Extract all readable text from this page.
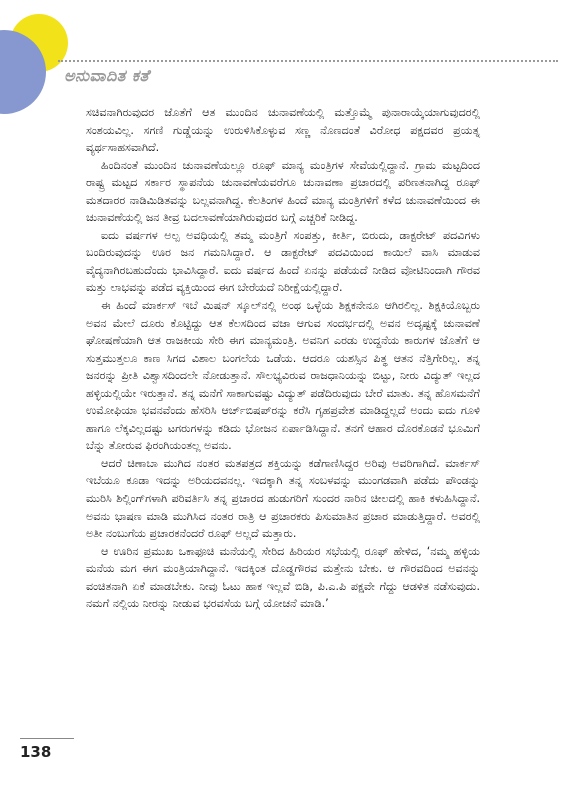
ಅನುವಾದಿತ ಕತೆ

ಸಚಿವನಾಗಿರುವುದರ ಜೊತೆಗೆ ಆತ ಮುಂದಿನ ಚುನಾವಣೆಯಲ್ಲಿ ಮತ್ತೊಮ್ಮೆ ಪುನಾರಾಯ್ಕೆಯಾಗುವುದರಲ್ಲಿ ಸಂಶಯವಿಲ್ಲ. ಸಗಣಿ ಗುಡ್ಡೆಯನ್ನು ಉರುಳಿಸಿಕೊಳ್ಳುವ ಸಣ್ಣ ನೊಣದಂತೆ ವಿರೋಧ ಪಕ್ಷದವರ ಪ್ರಯತ್ನ ವ್ಯರ್ಥಸಾಹಸವಾಗಿದೆ.

ಹಿಂದಿನಂತೆ ಮುಂದಿನ ಚುನಾವಣೆಯಲ್ಲೂ ರೂಫ್ ಮಾನ್ಯ ಮಂತ್ರಿಗಳ ಸೇವೆಯಲ್ಲಿದ್ದಾನೆ. ಗ್ರಾಮ ಮಟ್ಟದಿಂದ ರಾಷ್ಟ್ರ ಮಟ್ಟದ ಸರ್ಕಾರ ಸ್ಥಾಪನೆಯ ಚುನಾವಣೆಯವರೆಗೂ ಚುನಾವಣಾ ಪ್ರಚಾರದಲ್ಲಿ ಪರಿಣತನಾಗಿದ್ದ ರೂಫ್ ಮತದಾರರ ನಾಡಿಮಿಡಿತವನ್ನು ಬಲ್ಲವನಾಗಿದ್ದ. ಕೆಲತಿಂಗಳ ಹಿಂದೆ ಮಾನ್ಯ ಮಂತ್ರಿಗಳಿಗೆ ಕಳೆದ ಚುನಾವಣೆಯಿಂದ ಈ ಚುನಾವಣೆಯಲ್ಲಿ ಜನ ತೀವ್ರ ಬದಲಾವಣೆಯಾಗಿರುವುದರ ಬಗ್ಗೆ ಎಚ್ಚರಿಕೆ ನೀಡಿದ್ದ.

ಐದು ವರ್ಷಗಳ ಅಲ್ಪ ಅವಧಿಯಲ್ಲಿ ತಮ್ಮ ಮಂತ್ರಿಗೆ ಸಂಪತ್ತು, ಕೀರ್ತಿ, ಬಿರುದು, ಡಾಕ್ಟರೇಟ್ ಪದವಿಗಳು ಬಂದಿರುವುದನ್ನು ಊರ ಜನ ಗಮನಿಸಿದ್ದಾರೆ. ಆ ಡಾಕ್ಟರೇಟ್ ಪದವಿಯಿಂದ ಕಾಯಿಲೆ ವಾಸಿ ಮಾಡುವ ವೈದ್ಯನಾಗಿರಬಹುದೆಂದು ಭಾವಿಸಿದ್ದಾರೆ. ಐದು ವರ್ಷದ ಹಿಂದೆ ಏನನ್ನು ಪಡೆಯದೆ ನೀಡಿದ ವೋಟಿನಿಂದಾಗಿ ಗೌರವ ಮತ್ತು ಲಾಭವನ್ನು ಪಡೆದ ವ್ಯಕ್ತಿಯಿಂದ ಈಗ ಬೇರೆಯದೆ ನಿರೀಕ್ಷೆಯಲ್ಲಿದ್ದಾರೆ.

ಈ ಹಿಂದೆ ಮಾರ್ಕಸ್ ಇಬೆ ಮಿಷನ್ ಸ್ಕೂಲ್‌ನಲ್ಲಿ ಅಂಥ ಒಳ್ಳೆಯ ಶಿಕ್ಷಕನೇನೂ ಆಗಿರಲಿಲ್ಲ. ಶಿಕ್ಷಕಿಯೊಬ್ಬರು ಅವನ ಮೇಲೆ ದೂರು ಕೊಟ್ಟಿದ್ದು ಆತ ಕೆಲಸದಿಂದ ವಜಾ ಆಗುವ ಸಂದರ್ಭದಲ್ಲಿ ಅವನ ಅದೃಷ್ಟಕ್ಕೆ ಚುನಾವಣೆ ಘೋಷಣೆಯಾಗಿ ಆತ ರಾಜಕೀಯ ಸೇರಿ ಈಗ ಮಾನ್ಯಮಂತ್ರಿ. ಅವನಿಗ ಎರಡು ಉದ್ದನೆಯ ಕಾರುಗಳ ಜೊತೆಗೆ ಆ ಸುತ್ತಮುತ್ತಲೂ ಕಾಣ ಸಿಗದ ವಿಶಾಲ ಬಂಗಲೆಯ ಒಡೆಯ. ಆದರೂ ಯಶಸ್ಸಿನ ಪಿತ್ಥ ಆತನ ನೆತ್ತಿಗೇರಿಲ್ಲ. ತನ್ನ ಜನರನ್ನು ಪ್ರೀತಿ ವಿಶ್ವಾಸದಿಂದಲೇ ನೋಡುತ್ತಾನೆ. ಸೌಲಭ್ಯವಿರುವ ರಾಜಧಾನಿಯನ್ನು ಬಿಟ್ಟು, ನೀರು ವಿದ್ಯುತ್ ಇಲ್ಲದ ಹಳ್ಳಿಯಲ್ಲಿಯೇ ಇರುತ್ತಾನೆ. ತನ್ನ ಮನೆಗೆ ಸಾಕಾಗುವಷ್ಟು ವಿದ್ಯುತ್ ಪಡೆದಿರುವುದು ಬೇರೆ ಮಾತು. ತನ್ನ ಹೊಸಮನೆಗೆ ಉಮೋಫಿಯಾ ಭವನವೆಂದು ಹೆಸರಿಸಿ ಆರ್ಚ್‌ಬಿಷಪ್‌ರನ್ನು ಕರೆಸಿ ಗೃಹಪ್ರವೇಶ ಮಾಡಿದ್ದಲ್ಲದೆ ಅಂದು ಐದು ಗೂಳಿ ಹಾಗೂ ಲೆಕ್ಕವಿಲ್ಲದಷ್ಟು ಟಗರುಗಳನ್ನು ಕಡಿದು ಭೋಜನ ಏರ್ಪಾಡಿಸಿದ್ದಾನೆ. ತನಗೆ ಆಹಾರ ದೊರಕೊಡನೆ ಭೂಮಿಗೆ ಬೆನ್ನು ತೋರುವ ಫಿರಂಗಿಯಂತಲ್ಲ ಅವನು.

ಆದರೆ ಚಿಣಾಬಾ ಮುಗಿದ ನಂತರ ಮತಪತ್ರದ ಶಕ್ತಿಯನ್ನು ಕಡೆಗಾಣಿಸಿದ್ದರ ಅರಿವು ಅವರಿಗಾಗಿದೆ. ಮಾರ್ಕಸ್ ಇಬೆಯೂ ಕೂಡಾ ಇದನ್ನು ಅರಿಯದವನಲ್ಲ. ಇದಕ್ಕಾಗಿ ತನ್ನ ಸಂಬಳವನ್ನು ಮುಂಗಡವಾಗಿ ಪಡೆದು ಪೌಂಡನ್ನು ಮುರಿಸಿ ಶಿಲ್ಲಿಂಗ್‌ಗಳಾಗಿ ಪರಿವರ್ತಿಸಿ ತನ್ನ ಪ್ರಚಾರದ ಹುಡುಗರಿಗೆ ಸುಂದರ ನಾರಿನ ಚೀಲದಲ್ಲಿ ಹಾಕಿ ಕಳುಹಿಸಿದ್ದಾನೆ. ಅವನು ಭಾಷಣ ಮಾಡಿ ಮುಗಿಸಿದ ನಂತರ ರಾತ್ರಿ ಆ ಪ್ರಚಾರಕರು ಪಿಸುಮಾತಿನ ಪ್ರಚಾರ ಮಾಡುತ್ತಿದ್ದಾರೆ. ಅವರಲ್ಲಿ ಅತೀ ನಂಬುಗೆಯ ಪ್ರಚಾರಕನೆಂದರೆ ರೂಫ್ ಅಲ್ಲದೆ ಮತ್ತಾರು.

ಆ ಊರಿನ ಪ್ರಮುಖ ಒಕಾಫೂಚಿ ಮನೆಯಲ್ಲಿ ಸೇರಿದ ಹಿರಿಯರ ಸಭೆಯಲ್ಲಿ ರೂಫ್ ಹೇಳಿದ, ‘ನಮ್ಮ ಹಳ್ಳಿಯ ಮನೆಯ ಮಗ ಈಗ ಮಂತ್ರಿಯಾಗಿದ್ದಾನೆ. ಇದಕ್ಕಿಂತ ದೊಡ್ಡಗೌರವ ಮತ್ತೇನು ಬೇಕು. ಆ ಗೌರವದಿಂದ ಅವನನ್ನು ವಂಚಿತನಾಗಿ ಏಕೆ ಮಾಡಬೇಕು. ನೀವು ಓಟು ಹಾಕ ಇಲ್ಲವೆ ಬಿಡಿ, ಪಿ.ಎ.ಪಿ ಪಕ್ಷವೇ ಗೆದ್ದು ಆಡಳಿತ ನಡೆಸುವುದು. ನಮಗೆ ನಲ್ಲಿಯ ನೀರನ್ನು ನೀಡುವ ಭರವಸೆಯ ಬಗ್ಗೆ ಯೋಚನೆ ಮಾಡಿ.’

138
